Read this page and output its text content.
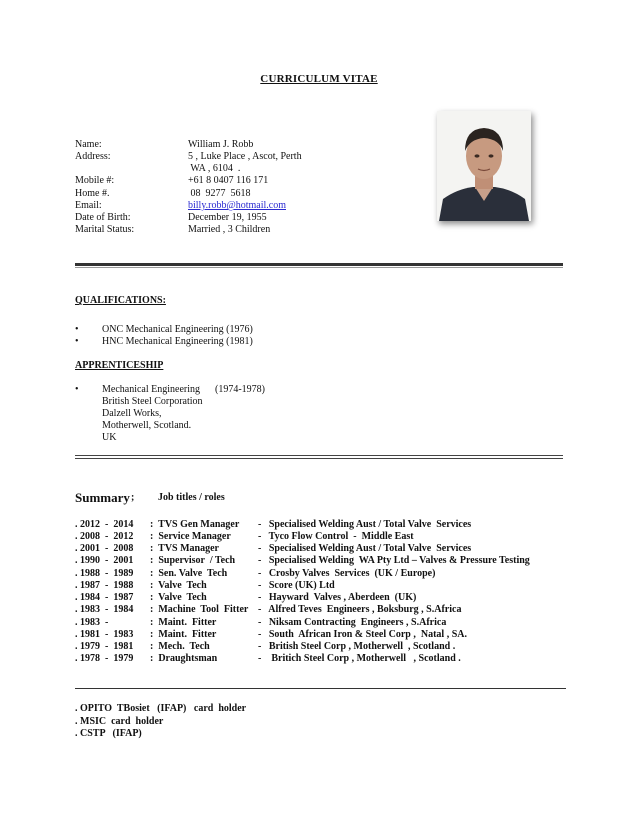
CURRICULUM VITAE
Name:	William J. Robb
Address:	5 , Luke Place , Ascot, Perth
WA , 6104  .
Mobile #:	+61 8 0407 116 171
Home #.	08  9277  5618
Email:	billy.robb@hotmail.com
Date of Birth:	December 19, 1955
Marital Status:	Married , 3 Children
QUALIFICATIONS:
• ONC Mechanical Engineering (1976)
• HNC Mechanical Engineering (1981)
APPRENTICESHIP
• Mechanical Engineering      (1974-1978)
British Steel Corporation
Dalzell Works,
Motherwell, Scotland.
UK
Summary ; Job titles / roles
. 2012  -  2014 :  TVS Gen Manager -   Specialised Welding Aust / Total Valve  Services
. 2008  -  2012 :  Service Manager	-   Tyco Flow Control  -  Middle East
. 2001  -  2008 :  TVS Manager	-   Specialised Welding Aust / Total Valve  Services
. 1990  -  2001 :  Supervisor  / Tech -   Specialised Welding  WA Pty Ltd – Valves & Pressure Testing
. 1988  -  1989 :  Sen. Valve  Tech	-   Crosby Valves  Services  (UK / Europe)
. 1987  -  1988 :  Valve  Tech	-   Score (UK) Ltd
. 1984  -  1987 :  Valve  Tech	-   Hayward  Valves , Aberdeen  (UK)
. 1983  -  1984 :  Machine  Tool  Fitter -   Alfred Teves  Engineers , Boksburg , S.Africa
. 1983  -	:  Maint.  Fitter	-   Niksam Contracting  Engineers , S.Africa
. 1981  -  1983 :  Maint.  Fitter	-   South  African Iron & Steel Corp ,  Natal , SA.
. 1979  -  1981 :  Mech.  Tech	-   British Steel Corp , Motherwell  , Scotland .
. 1978  -  1979 :  Draughtsman	-    Britich Steel Corp , Motherwell   , Scotland .
. OPITO  TBosiet   (IFAP)   card  holder
. MSIC  card  holder
. CSTP   (IFAP)
